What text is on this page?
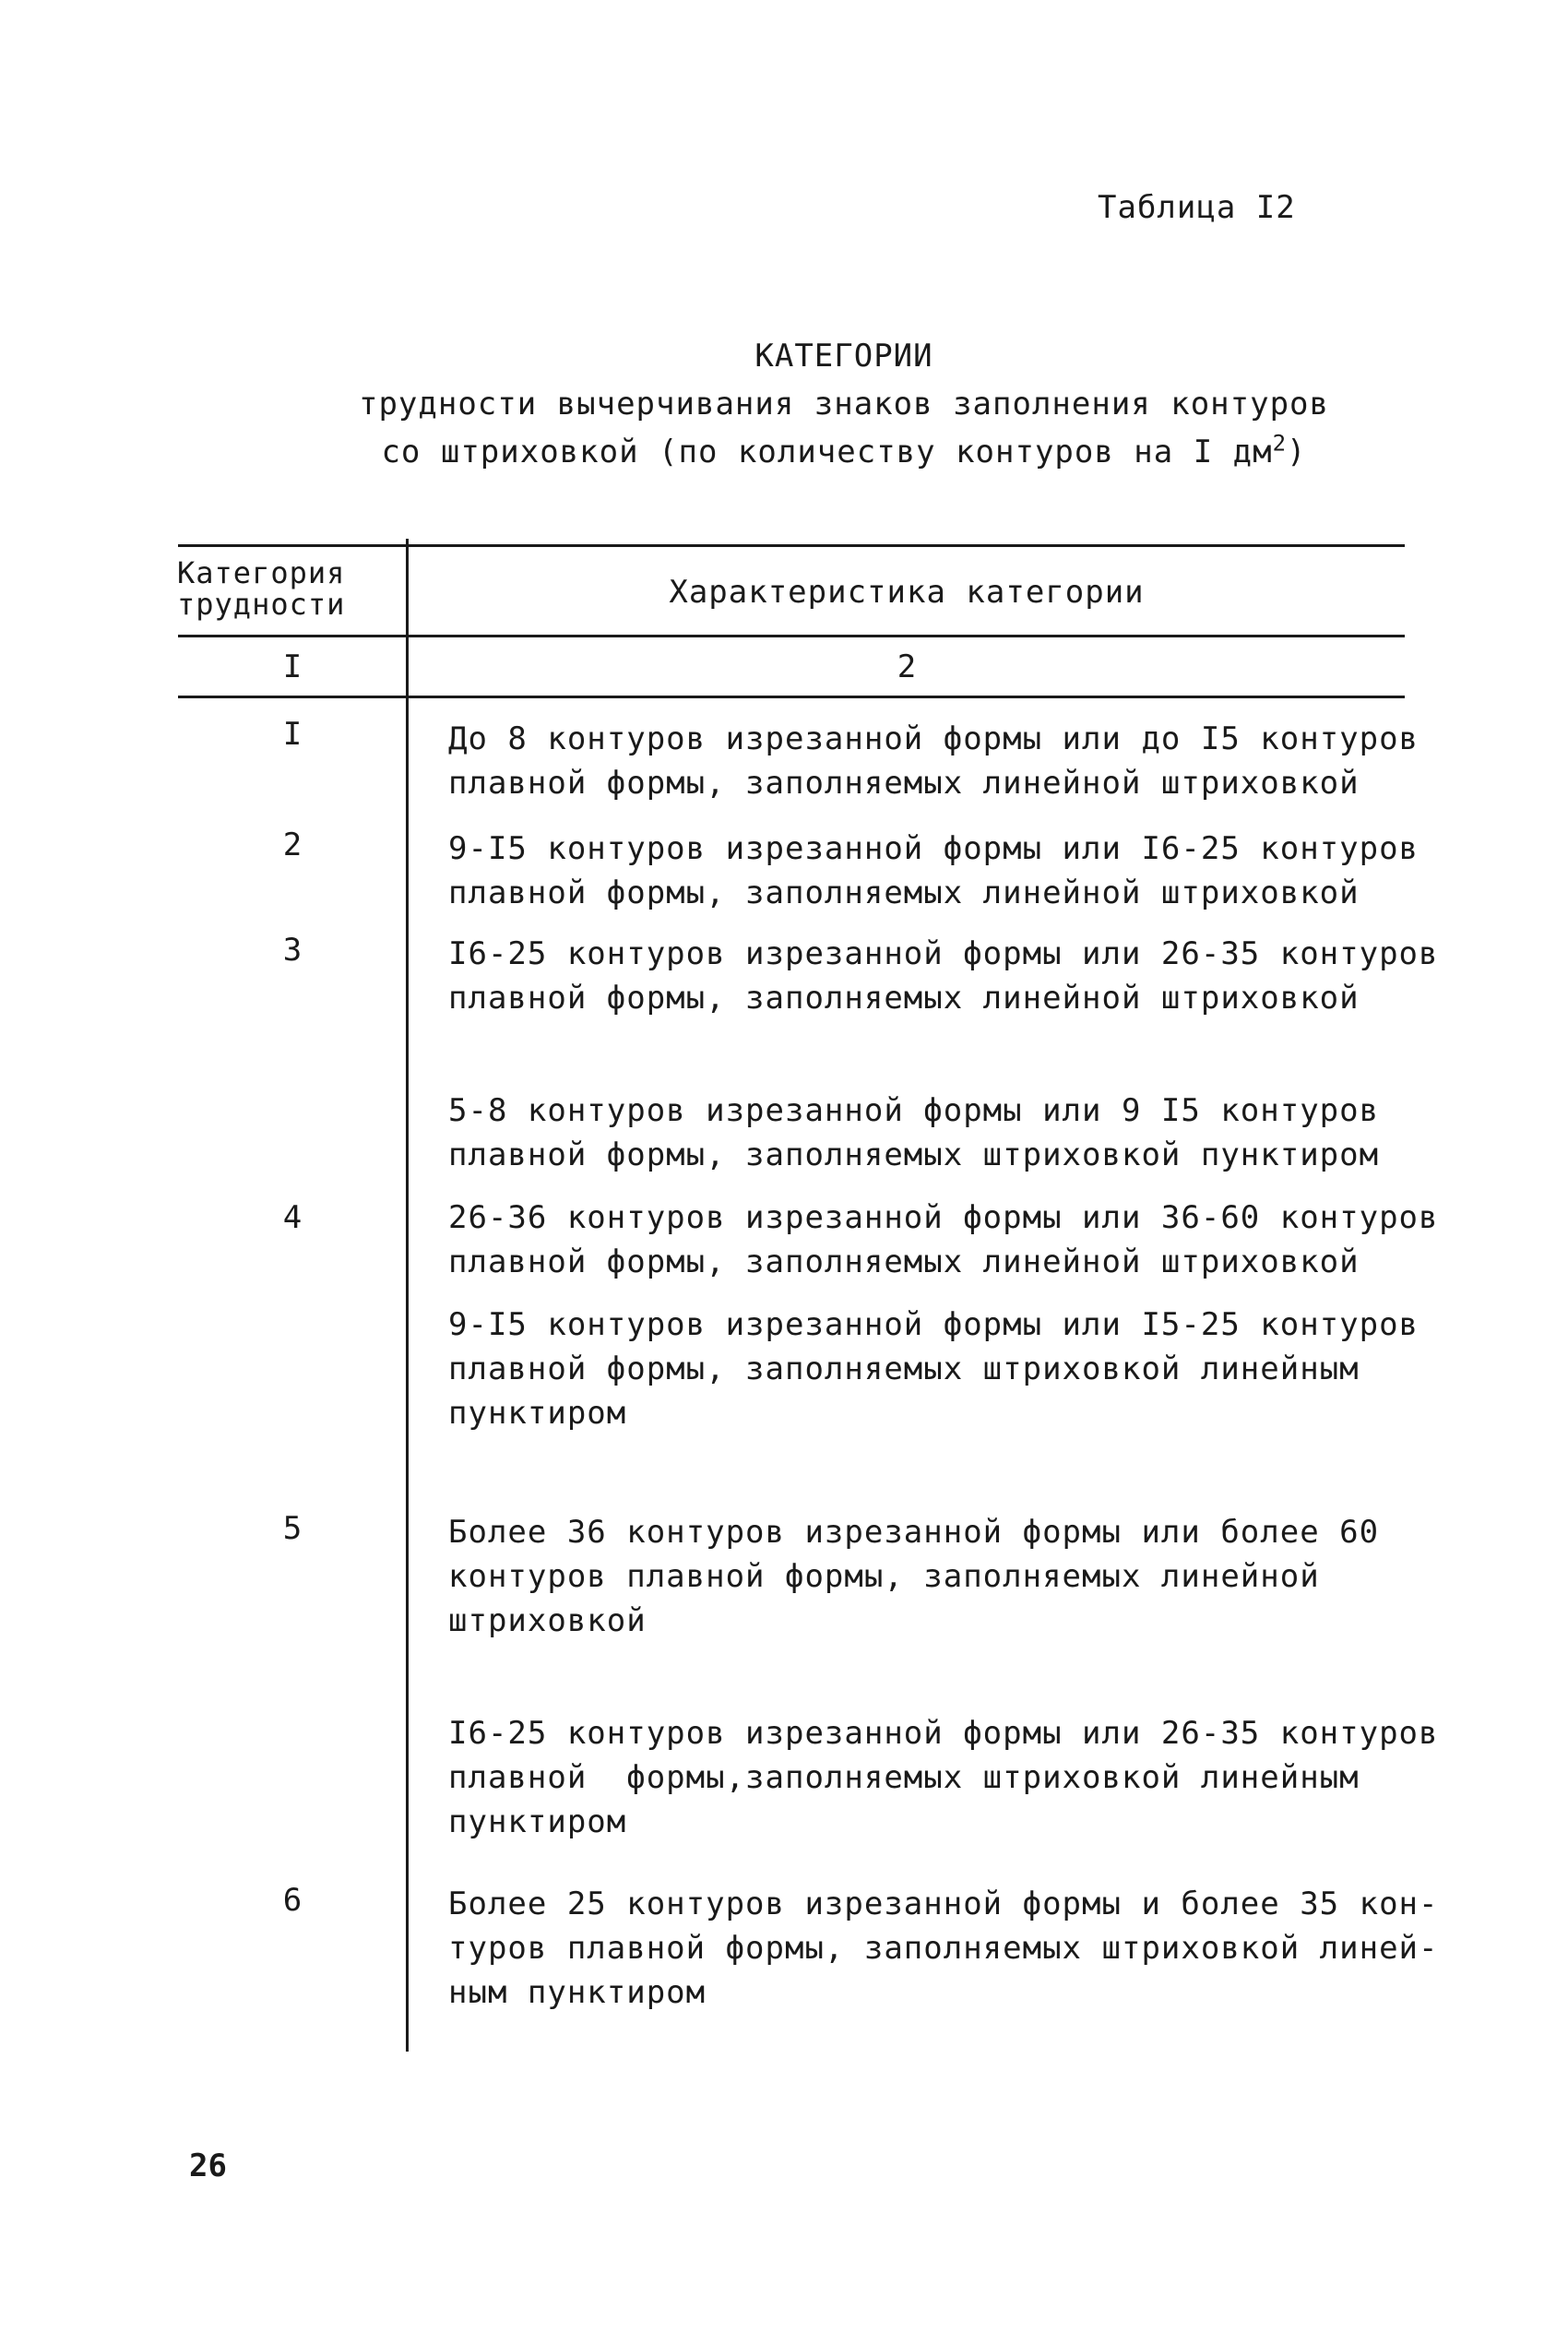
Таблица I2
КАТЕГОРИИ
трудности вычерчивания знаков заполнения контуров
со штриховкой (по количеству контуров на I $дм^2$)
Категория
трудности	Характеристика категории
I	2
I	До 8 контуров изрезанной формы или до I5 контуров
плавной формы, заполняемых линейной штриховкой
2	9-I5 контуров изрезанной формы или I6-25 контуров
плавной формы, заполняемых линейной штриховкой
3	I6-25 контуров изрезанной формы или 26-35 контуров
плавной формы, заполняемых линейной штриховкой
5-8 контуров изрезанной формы или 9 I5 контуров
плавной формы, заполняемых штриховкой пунктиром
4	26-36 контуров изрезанной формы или 36-60 контуров
плавной формы, заполняемых линейной штриховкой
9-I5 контуров изрезанной формы или I5-25 контуров
плавной формы, заполняемых штриховкой линейным
пунктиром
5	Более 36 контуров изрезанной формы или более 60
контуров плавной формы, заполняемых линейной
штриховкой
I6-25 контуров изрезанной формы или 26-35 контуров
плавной  формы,заполняемых штриховкой линейным
пунктиром
6	Более 25 контуров изрезанной формы и более 35 кон-
туров плавной формы, заполняемых штриховкой линей-
ным пунктиром
26
